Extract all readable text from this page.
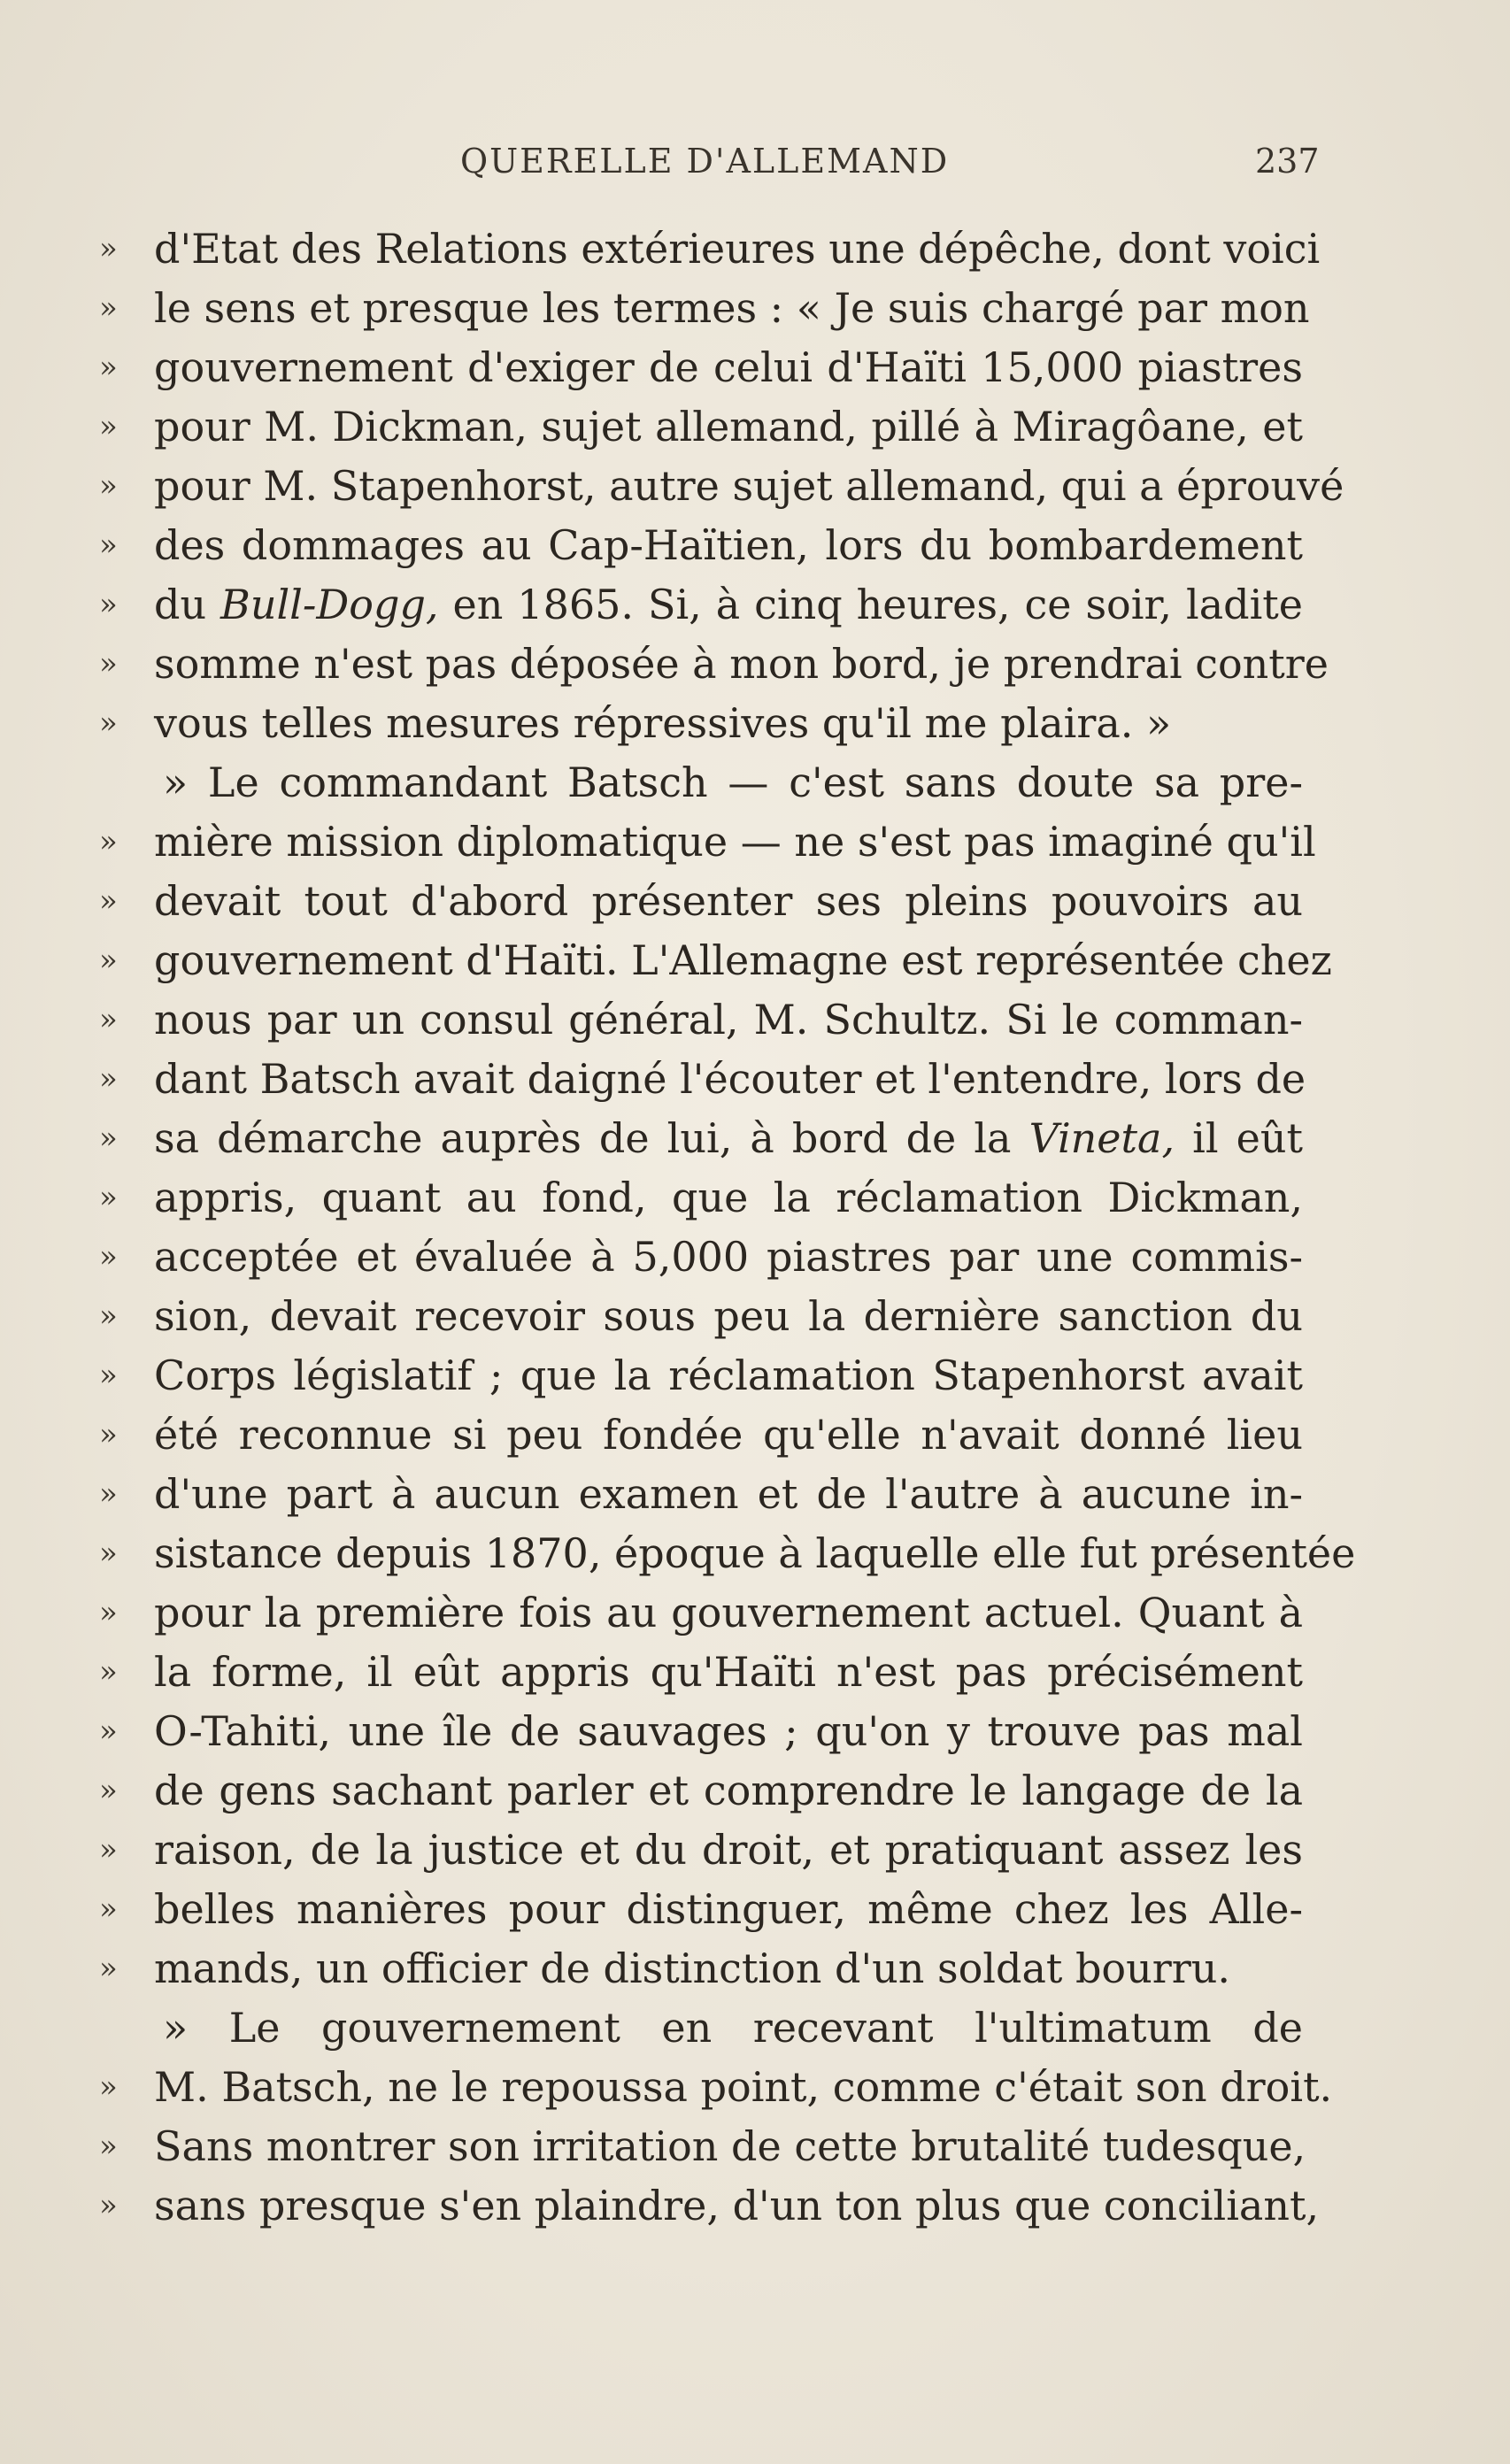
QUERELLE D'ALLEMAND	237
» d'Etat des Relations extérieures une dépêche, dont voici
» le sens et presque les termes : « Je suis chargé par mon
» gouvernement d'exiger de celui d'Haïti 15,000 piastres
» pour M. Dickman, sujet allemand, pillé à Miragôane, et
» pour M. Stapenhorst, autre sujet allemand, qui a éprouvé
» des dommages au Cap-Haïtien, lors du bombardement
» du Bull-Dogg, en 1865. Si, à cinq heures, ce soir, ladite
» somme n'est pas déposée à mon bord, je prendrai contre
» vous telles mesures répressives qu'il me plaira. »
» Le commandant Batsch — c'est sans doute sa pre-
» mière mission diplomatique — ne s'est pas imaginé qu'il
» devait tout d'abord présenter ses pleins pouvoirs au
» gouvernement d'Haïti. L'Allemagne est représentée chez
» nous par un consul général, M. Schultz. Si le comman-
» dant Batsch avait daigné l'écouter et l'entendre, lors de
» sa démarche auprès de lui, à bord de la Vineta, il eût
» appris, quant au fond, que la réclamation Dickman,
» acceptée et évaluée à 5,000 piastres par une commis-
» sion, devait recevoir sous peu la dernière sanction du
» Corps législatif ; que la réclamation Stapenhorst avait
» été reconnue si peu fondée qu'elle n'avait donné lieu
» d'une part à aucun examen et de l'autre à aucune in-
» sistance depuis 1870, époque à laquelle elle fut présentée
» pour la première fois au gouvernement actuel. Quant à
» la forme, il eût appris qu'Haïti n'est pas précisément
» O-Tahiti, une île de sauvages ; qu'on y trouve pas mal
» de gens sachant parler et comprendre le langage de la
» raison, de la justice et du droit, et pratiquant assez les
» belles manières pour distinguer, même chez les Alle-
» mands, un officier de distinction d'un soldat bourru.
» Le gouvernement en recevant l'ultimatum de
» M. Batsch, ne le repoussa point, comme c'était son droit.
» Sans montrer son irritation de cette brutalité tudesque,
» sans presque s'en plaindre, d'un ton plus que conciliant,
